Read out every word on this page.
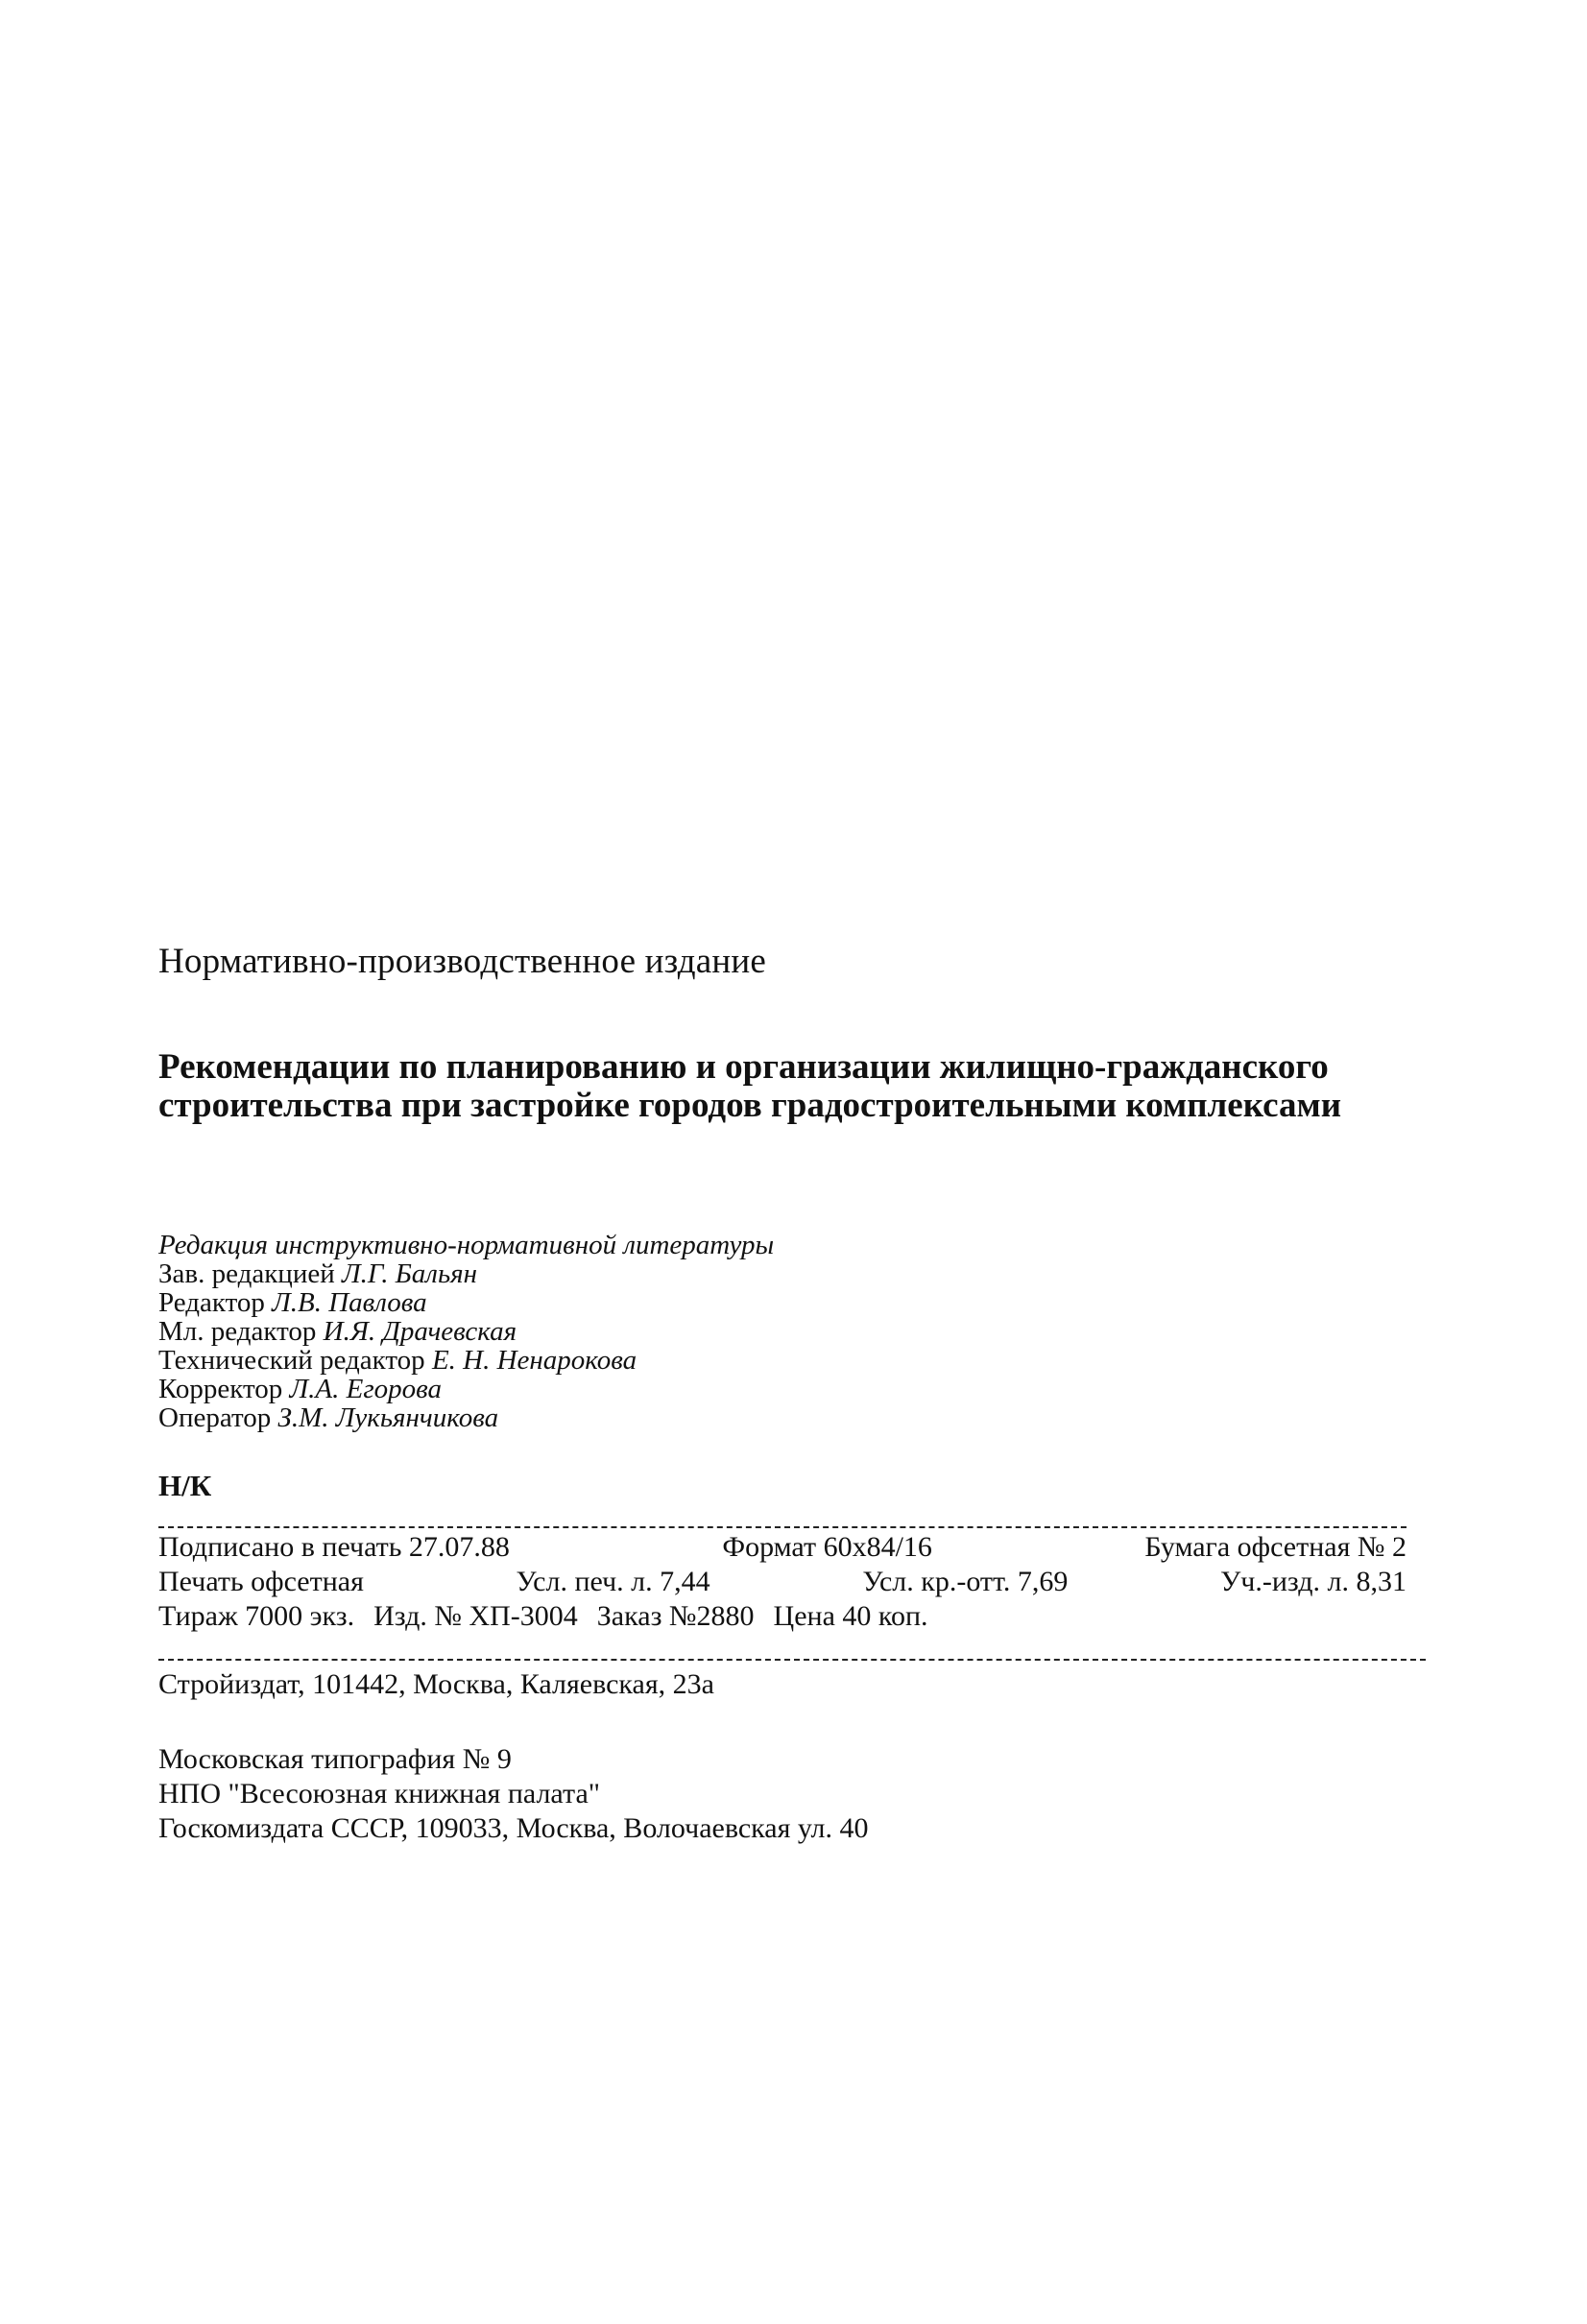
Нормативно-производственное издание
Рекомендации по планированию и организации жилищно-гражданского
строительства при застройке городов градостроительными комплексами
Редакция инструктивно-нормативной литературы
Зав. редакцией Л.Г. Бальян
Редактор Л.В. Павлова
Мл. редактор И.Я. Драчевская
Технический редактор Е. Н. Ненарокова
Корректор Л.А. Егорова
Оператор З.М. Лукьянчикова
Н/К
Подписано в печать 27.07.88	Формат 60х84/16	Бумага офсетная № 2
Печать офсетная	Усл. печ. л. 7,44	Усл. кр.-отт. 7,69	Уч.-изд. л. 8,31
Тираж 7000 экз. Изд. № ХП-3004 Заказ №2880 Цена 40 коп.
Стройиздат, 101442, Москва, Каляевская, 23а
Московская типография № 9
НПО "Всесоюзная книжная палата"
Госкомиздата СССР, 109033, Москва, Волочаевская ул. 40
